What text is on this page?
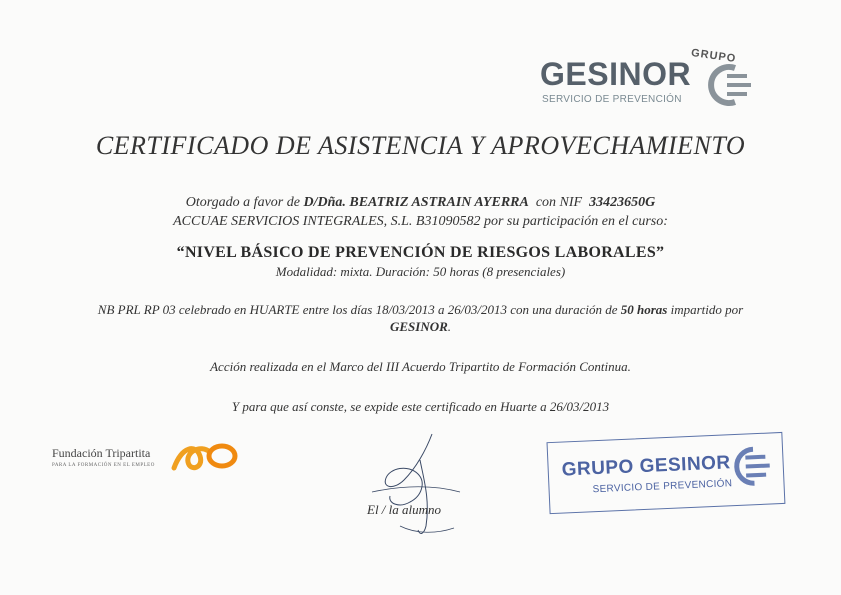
GRUPO
GESINOR
SERVICIO DE PREVENCIÓN
CERTIFICADO DE ASISTENCIA Y APROVECHAMIENTO
Otorgado a favor de D/Dña. BEATRIZ ASTRAIN AYERRA con NIF 33423650G
ACCUAE SERVICIOS INTEGRALES, S.L. B31090582 por su participación en el curso:
“NIVEL BÁSICO DE PREVENCIÓN DE RIESGOS LABORALES”
Modalidad: mixta. Duración: 50 horas (8 presenciales)
NB PRL RP 03 celebrado en HUARTE entre los días 18/03/2013 a 26/03/2013 con una duración de 50 horas impartido por
GESINOR.
Acción realizada en el Marco del III Acuerdo Tripartito de Formación Continua.
Y para que así conste, se expide este certificado en Huarte a 26/03/2013
Fundación Tripartita
PARA LA FORMACIÓN EN EL EMPLEO
El / la alumno
GRUPO GESINOR
SERVICIO DE PREVENCIÓN
